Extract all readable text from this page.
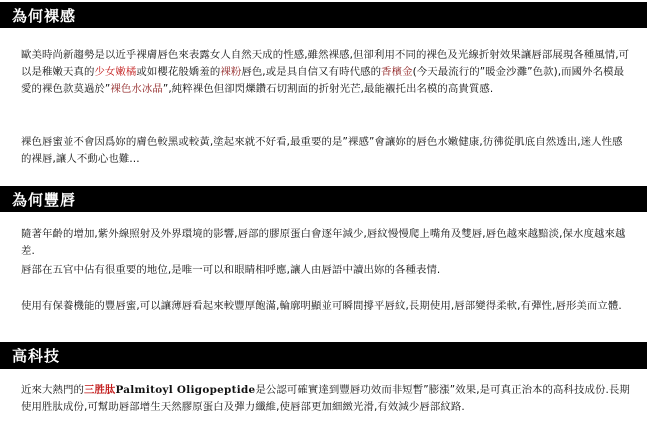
為何裸感

歐美時尚新趨勢是以近乎裸膚唇色來表露女人自然天成的性感,雖然裸感,但卻利用不同的裸色及光線折射效果讓唇部展現各種風情,可以是稚嫩天真的少女嫩橘或如櫻花般嬌羞的裸粉唇色,或是具自信又有時代感的香檳金(今天最流行的”暖金沙灘”色款),而國外名模最愛的裸色款莫過於”裸色水冰晶”,純粹裸色但卻閃爍鑽石切割面的折射光芒,最能襯托出名模的高貴質感.

裸色唇蜜並不會因爲妳的膚色較黑或較黃,塗起來就不好看,最重要的是”裸感”會讓妳的唇色水嫩健康,彷彿從肌底自然透出,迷人性感的裸唇,讓人不動心也難…

為何豐唇

隨著年齡的增加,紫外線照射及外界環境的影響,唇部的膠原蛋白會逐年減少,唇紋慢慢爬上嘴角及雙唇,唇色越來越黯淡,保水度越來越差.

唇部在五官中佔有很重要的地位,是唯一可以和眼睛相呼應,讓人由唇語中讀出妳的各種表情.

使用有保養機能的豐唇蜜,可以讓薄唇看起來較豐厚飽滿,輪廓明顯並可瞬間撐平唇紋,長期使用,唇部變得柔軟,有彈性,唇形美而立體.

高科技

近來大熱門的三胜肽Palmitoyl Oligopeptide是公認可確實達到豐唇功效而非短暫”膨漲”效果,是可真正治本的高科技成份.長期使用胜肽成份,可幫助唇部增生天然膠原蛋白及彈力纖維,使唇部更加細緻光滑,有效減少唇部紋路.
